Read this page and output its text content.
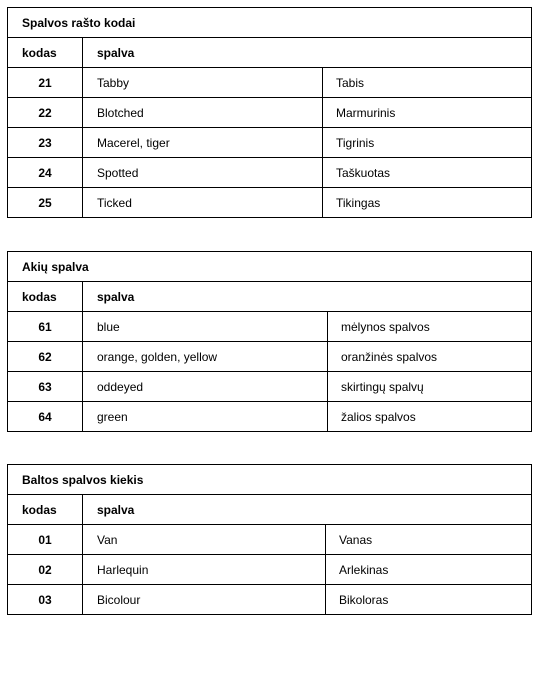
Spalvos rašto kodai		
kodas	spalva	
21	Tabby	Tabis
22	Blotched	Marmurinis
23	Macerel, tiger	Tigrinis
24	Spotted	Taškuotas
25	Ticked	Tikingas
Akių spalva		
kodas	spalva	
61	blue	mėlynos spalvos
62	orange, golden, yellow	oranžinės spalvos
63	oddeyed	skirtingų spalvų
64	green	žalios spalvos
Baltos spalvos kiekis		
kodas	spalva	
01	Van	Vanas
02	Harlequin	Arlekinas
03	Bicolour	Bikoloras
